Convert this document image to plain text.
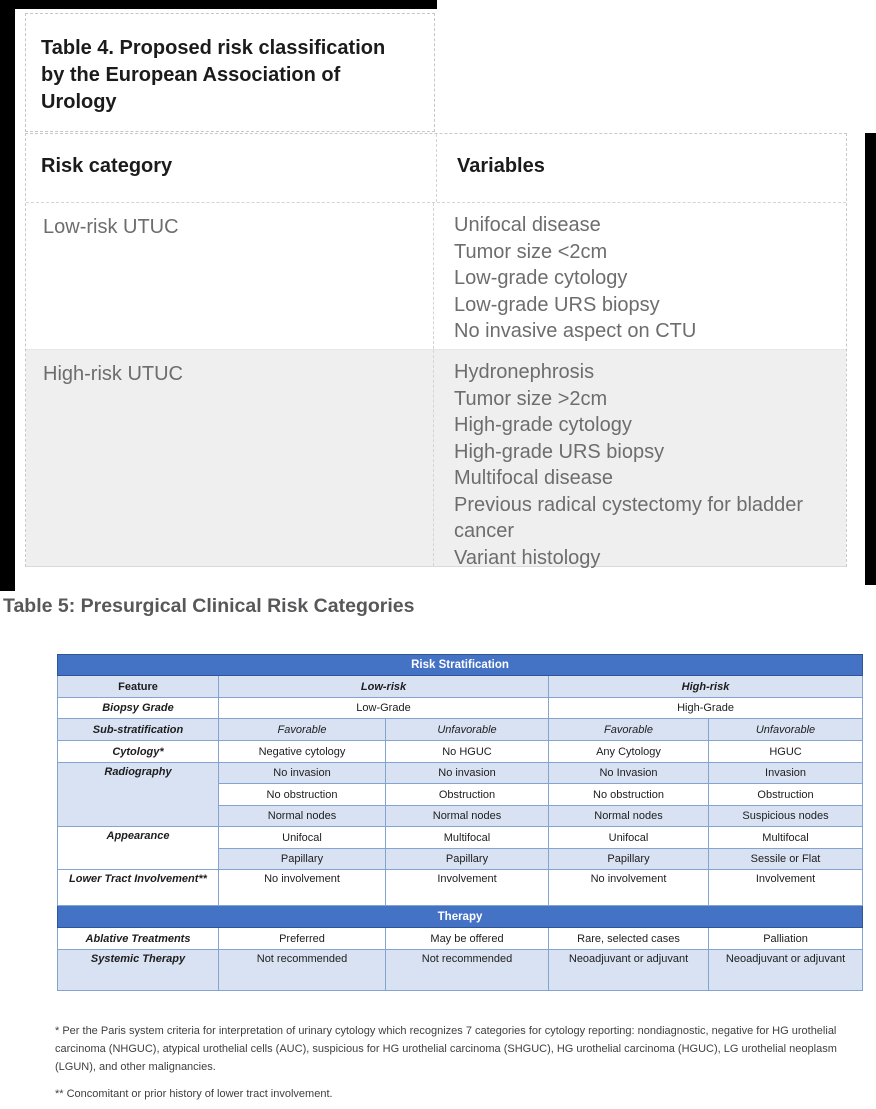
Table 4. Proposed risk classification by the European Association of Urology
Risk category	Variables
Low-risk UTUC	Unifocal disease
Tumor size <2cm
Low-grade cytology
Low-grade URS biopsy
No invasive aspect on CTU
High-risk UTUC	Hydronephrosis
Tumor size >2cm
High-grade cytology
High-grade URS biopsy
Multifocal disease
Previous radical cystectomy for bladder cancer
Variant histology
Table 5: Presurgical Clinical Risk Categories
Risk Stratification				
Feature	Low-risk		High-risk	
Biopsy Grade	Low-Grade		High-Grade	
Sub-stratification	Favorable	Unfavorable	Favorable	Unfavorable
Cytology*	Negative cytology	No HGUC	Any Cytology	HGUC
Radiography	No invasion	No invasion	No Invasion	Invasion
	No obstruction	Obstruction	No obstruction	Obstruction
	Normal nodes	Normal nodes	Normal nodes	Suspicious nodes
Appearance	Unifocal	Multifocal	Unifocal	Multifocal
	Papillary	Papillary	Papillary	Sessile or Flat
Lower Tract Involvement**	No involvement	Involvement	No involvement	Involvement
Therapy				
Ablative Treatments	Preferred	May be offered	Rare, selected cases	Palliation
Systemic Therapy	Not recommended	Not recommended	Neoadjuvant or adjuvant	Neoadjuvant or adjuvant
* Per the Paris system criteria for interpretation of urinary cytology which recognizes 7 categories for cytology reporting: nondiagnostic, negative for HG urothelial carcinoma (NHGUC), atypical urothelial cells (AUC), suspicious for HG urothelial carcinoma (SHGUC), HG urothelial carcinoma (HGUC), LG urothelial neoplasm (LGUN), and other malignancies.
** Concomitant or prior history of lower tract involvement.
